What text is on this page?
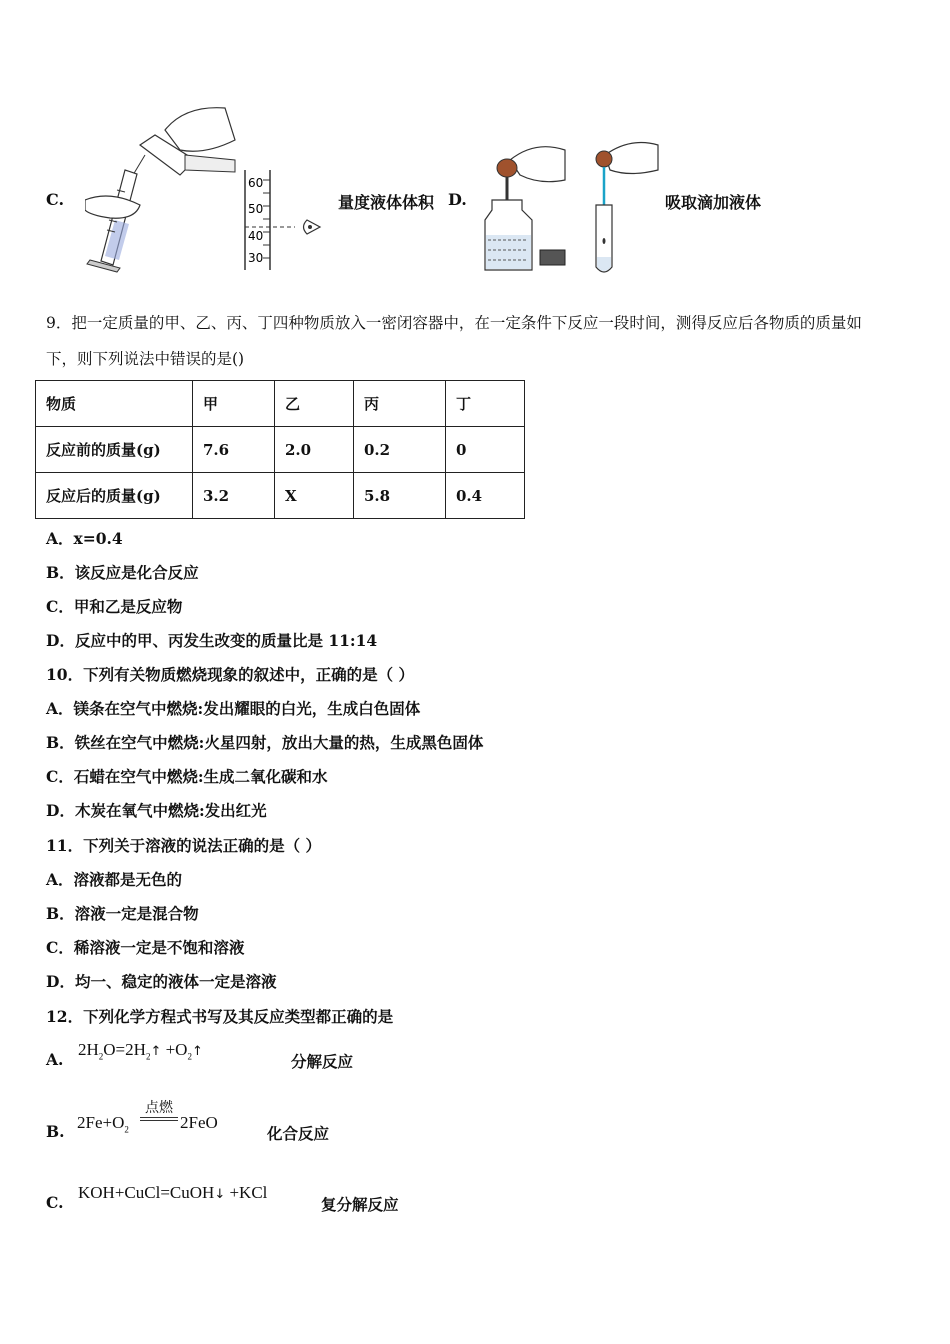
C.
60
50
40
30
量度液体体积 D.	吸取滴加液体
9．把一定质量的甲、乙、丙、丁四种物质放入一密闭容器中，在一定条件下反应一段时间，测得反应后各物质的质量如
下，则下列说法中错误的是()
物质	甲	乙	丙	丁
反应前的质量(g)	7.6	2.0	0.2	0
反应后的质量(g)	3.2	X	5.8	0.4
A．x=0.4
B．该反应是化合反应
C．甲和乙是反应物
D．反应中的甲、丙发生改变的质量比是 11:14
10．下列有关物质燃烧现象的叙述中，正确的是（ ）
A．镁条在空气中燃烧:发出耀眼的白光，生成白色固体
B．铁丝在空气中燃烧:火星四射，放出大量的热，生成黑色固体
C．石蜡在空气中燃烧:生成二氧化碳和水
D．木炭在氧气中燃烧:发出红光
11．下列关于溶液的说法正确的是（ ）
A．溶液都是无色的
B．溶液一定是混合物
C．稀溶液一定是不饱和溶液
D．均一、稳定的液体一定是溶液
12．下列化学方程式书写及其反应类型都正确的是
A.
$2H_2O=2H_2↑$ $+O_2↑$
分解反应
B. $2Fe+O_2$
点燃
2FeO
化合反应
C.
KOH+CuCl=CuOH↓ +KCl
复分解反应
